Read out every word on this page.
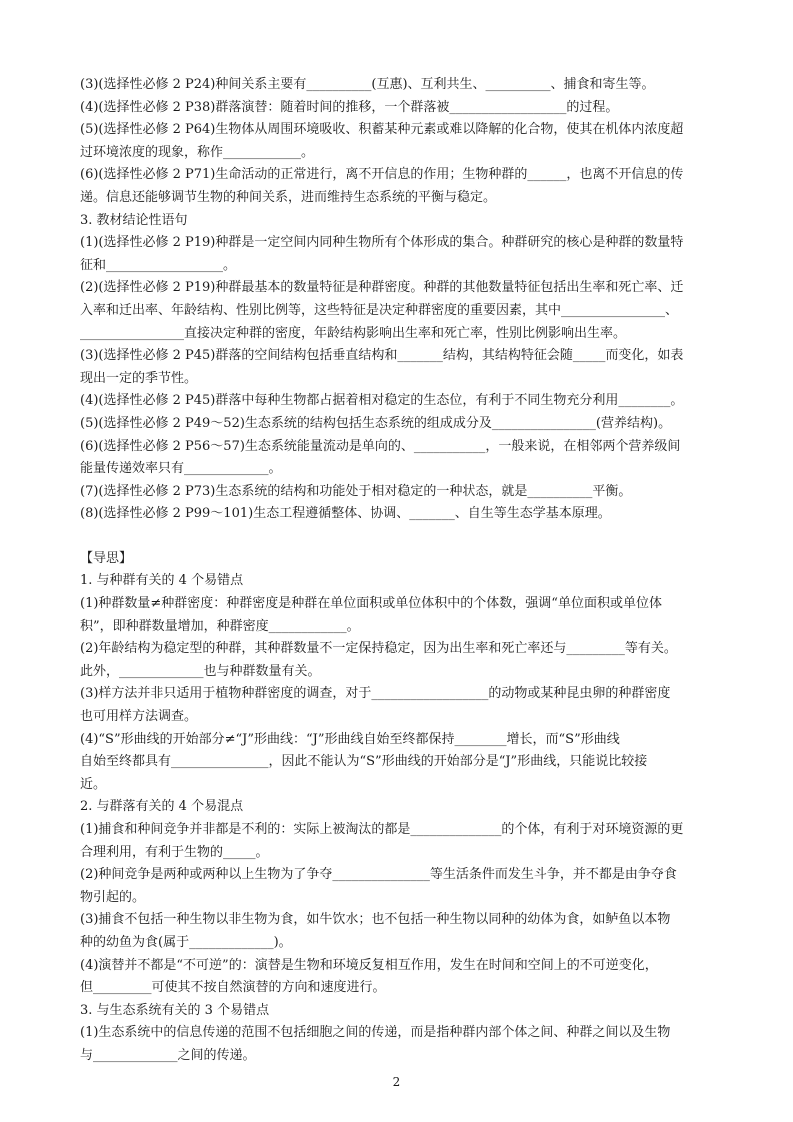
(3)(选择性必修 2 P24)种间关系主要有__________(互惠)、互利共生、__________、捕食和寄生等。
(4)(选择性必修 2 P38)群落演替：随着时间的推移，一个群落被__________________的过程。
(5)(选择性必修 2 P64)生物体从周围环境吸收、积蓄某种元素或难以降解的化合物，使其在机体内浓度超
过环境浓度的现象，称作____________。
(6)(选择性必修 2 P71)生命活动的正常进行，离不开信息的作用；生物种群的______，也离不开信息的传
递。信息还能够调节生物的种间关系，进而维持生态系统的平衡与稳定。
3. 教材结论性语句
(1)(选择性必修 2 P19)种群是一定空间内同种生物所有个体形成的集合。种群研究的核心是种群的数量特
征和__________________。
(2)(选择性必修 2 P19)种群最基本的数量特征是种群密度。种群的其他数量特征包括出生率和死亡率、迁
入率和迁出率、年龄结构、性别比例等，这些特征是决定种群密度的重要因素，其中________________、
________________直接决定种群的密度，年龄结构影响出生率和死亡率，性别比例影响出生率。
(3)(选择性必修 2 P45)群落的空间结构包括垂直结构和_______结构，其结构特征会随_____而变化，如表
现出一定的季节性。
(4)(选择性必修 2 P45)群落中每种生物都占据着相对稳定的生态位，有利于不同生物充分利用________。
(5)(选择性必修 2 P49～52)生态系统的结构包括生态系统的组成成分及________________(营养结构)。
(6)(选择性必修 2 P56～57)生态系统能量流动是单向的、___________，一般来说，在相邻两个营养级间
能量传递效率只有_____________。
(7)(选择性必修 2 P73)生态系统的结构和功能处于相对稳定的一种状态，就是__________平衡。
(8)(选择性必修 2 P99～101)生态工程遵循整体、协调、_______、自生等生态学基本原理。
【导思】
1. 与种群有关的 4 个易错点
(1)种群数量≠种群密度：种群密度是种群在单位面积或单位体积中的个体数，强调“单位面积或单位体
积”，即种群数量增加，种群密度____________。
(2)年龄结构为稳定型的种群，其种群数量不一定保持稳定，因为出生率和死亡率还与_________等有关。
此外，_____________也与种群数量有关。
(3)样方法并非只适用于植物种群密度的调查，对于__________________的动物或某种昆虫卵的种群密度
也可用样方法调查。
(4)“S”形曲线的开始部分≠“J”形曲线：“J”形曲线自始至终都保持________增长，而“S”形曲线
自始至终都具有_______________，因此不能认为“S”形曲线的开始部分是“J”形曲线，只能说比较接
近。
2. 与群落有关的 4 个易混点
(1)捕食和种间竞争并非都是不利的：实际上被淘汰的都是______________的个体，有利于对环境资源的更
合理利用，有利于生物的_____。
(2)种间竞争是两种或两种以上生物为了争夺_______________等生活条件而发生斗争，并不都是由争夺食
物引起的。
(3)捕食不包括一种生物以非生物为食，如牛饮水；也不包括一种生物以同种的幼体为食，如鲈鱼以本物
种的幼鱼为食(属于_____________)。
(4)演替并不都是“不可逆”的：演替是生物和环境反复相互作用，发生在时间和空间上的不可逆变化，
但_________可使其不按自然演替的方向和速度进行。
3. 与生态系统有关的 3 个易错点
(1)生态系统中的信息传递的范围不包括细胞之间的传递，而是指种群内部个体之间、种群之间以及生物
与_____________之间的传递。
2
